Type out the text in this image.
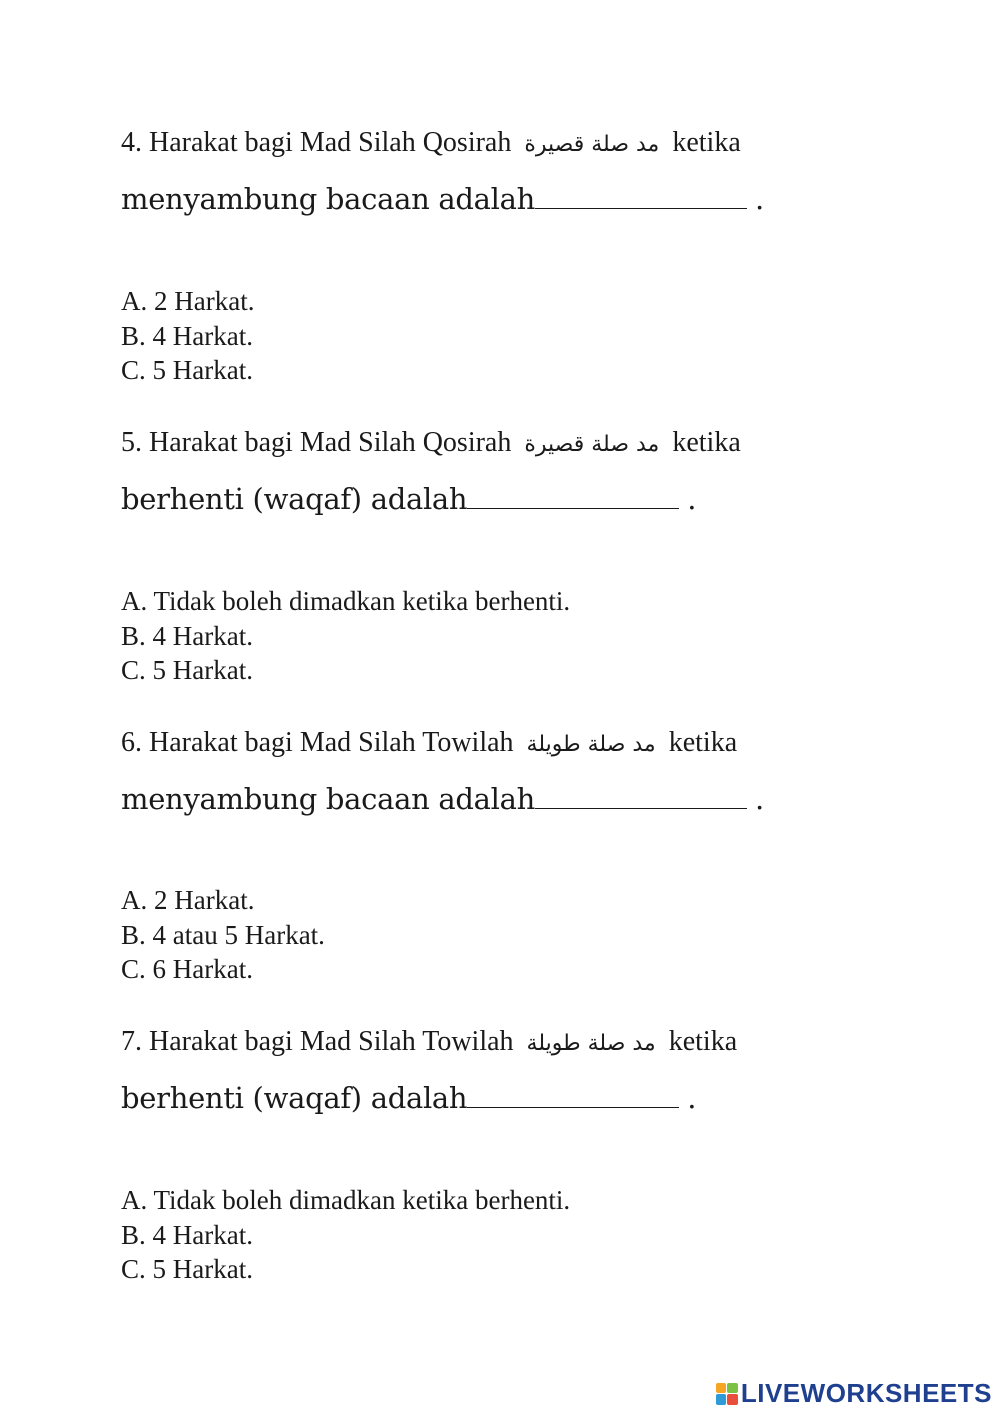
4. Harakat bagi Mad Silah Qosirah مد صلة قصيرة ketika
menyambung bacaan adalah	.
A. 2 Harkat.
B. 4 Harkat.
C. 5 Harkat.
5. Harakat bagi Mad Silah Qosirah مد صلة قصيرة ketika
berhenti (waqaf) adalah	.
A. Tidak boleh dimadkan ketika berhenti.
B. 4 Harkat.
C. 5 Harkat.
6. Harakat bagi Mad Silah Towilah مد صلة طويلة ketika
menyambung bacaan adalah	.
A. 2 Harkat.
B. 4 atau 5 Harkat.
C. 6 Harkat.
7. Harakat bagi Mad Silah Towilah مد صلة طويلة ketika
berhenti (waqaf) adalah	.
A. Tidak boleh dimadkan ketika berhenti.
B. 4 Harkat.
C. 5 Harkat.
LIVEWORKSHEETS
